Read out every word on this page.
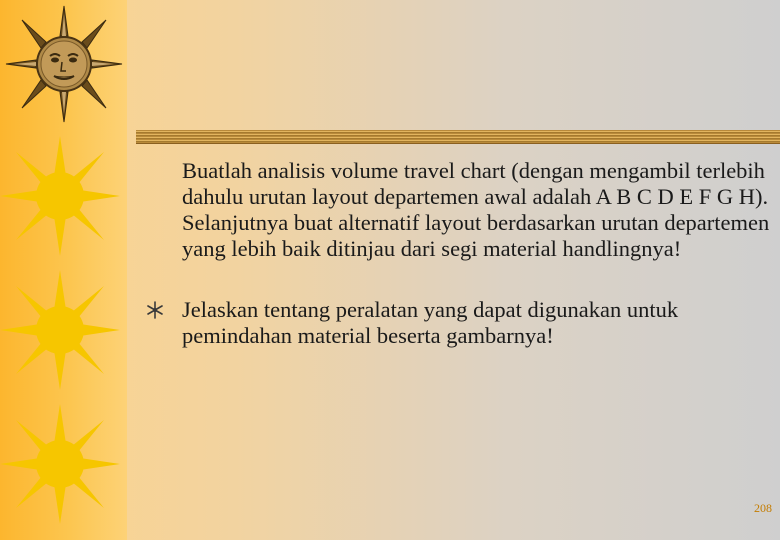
Buatlah analisis volume travel chart (dengan mengambil terlebih dahulu urutan layout departemen awal adalah A B C D E F G H). Selanjutnya buat alternatif layout berdasarkan urutan departemen yang lebih baik ditinjau dari segi material handlingnya!
Jelaskan tentang peralatan yang dapat digunakan untuk pemindahan material beserta gambarnya!
208
